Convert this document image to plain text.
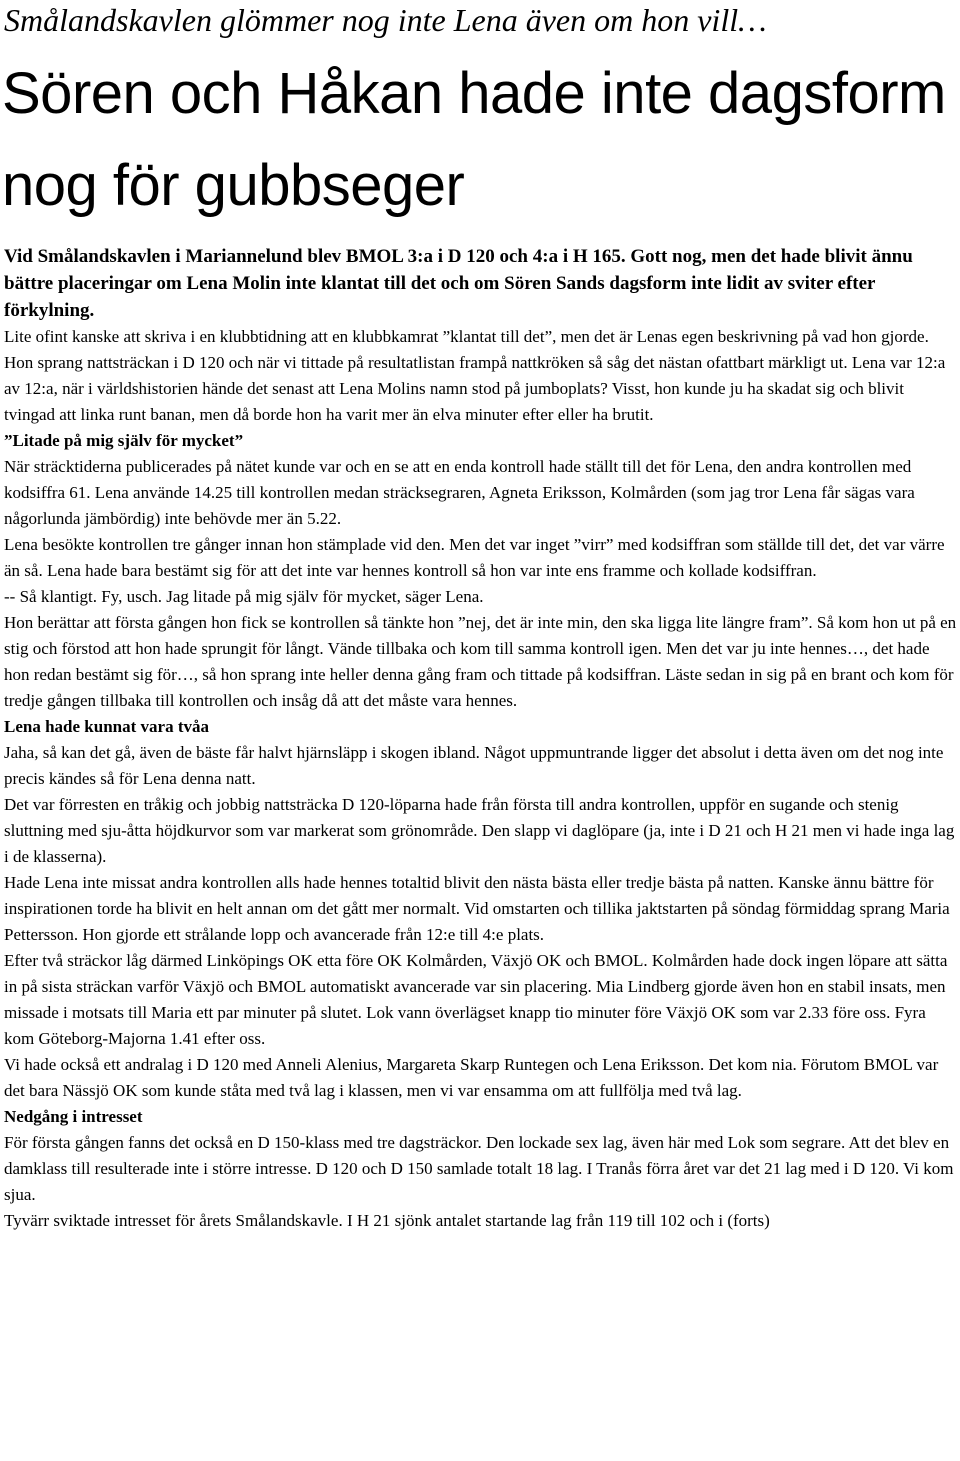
Smålandskavlen glömmer nog inte Lena även om hon vill…

Sören och Håkan hade inte dagsform nog för gubbseger

Vid Smålandskavlen i Mariannelund blev BMOL 3:a i D 120 och 4:a i H 165. Gott nog, men det hade blivit ännu bättre placeringar om Lena Molin inte klantat till det och om Sören Sands dagsform inte lidit av sviter efter förkylning.

Lite ofint kanske att skriva i en klubbtidning att en klubbkamrat ”klantat till det”, men det är Lenas egen beskrivning på vad hon gjorde.

Hon sprang nattsträckan i D 120 och när vi tittade på resultatlistan frampå nattkröken så såg det nästan ofattbart märkligt ut. Lena var 12:a av 12:a, när i världshistorien hände det senast att Lena Molins namn stod på jumboplats? Visst, hon kunde ju ha skadat sig och blivit tvingad att linka runt banan, men då borde hon ha varit mer än elva minuter efter eller ha brutit.

”Litade på mig själv för mycket”

När sträcktiderna publicerades på nätet kunde var och en se att en enda kontroll hade ställt till det för Lena, den andra kontrollen med kodsiffra 61. Lena använde 14.25 till kontrollen medan sträcksegraren, Agneta Eriksson, Kolmården (som jag tror Lena får sägas vara någorlunda jämbördig) inte behövde mer än 5.22.

Lena besökte kontrollen tre gånger innan hon stämplade vid den. Men det var inget ”virr” med kodsiffran som ställde till det, det var värre än så. Lena hade bara bestämt sig för att det inte var hennes kontroll så hon var inte ens framme och kollade kodsiffran.

-- Så klantigt. Fy, usch. Jag litade på mig själv för mycket, säger Lena.

Hon berättar att första gången hon fick se kontrollen så tänkte hon ”nej, det är inte min, den ska ligga lite längre fram”. Så kom hon ut på en stig och förstod att hon hade sprungit för långt. Vände tillbaka och kom till samma kontroll igen. Men det var ju inte hennes…, det hade hon redan bestämt sig för…, så hon sprang inte heller denna gång fram och tittade på kodsiffran. Läste sedan in sig på en brant och kom för tredje gången tillbaka till kontrollen och insåg då att det måste vara hennes.

Lena hade kunnat vara tvåa

Jaha, så kan det gå, även de bäste får halvt hjärnsläpp i skogen ibland. Något uppmuntrande ligger det absolut i detta även om det nog inte precis kändes så för Lena denna natt.

Det var förresten en tråkig och jobbig nattsträcka D 120-löparna hade från första till andra kontrollen, uppför en sugande och stenig sluttning med sju-åtta höjdkurvor som var markerat som grönområde. Den slapp vi daglöpare (ja, inte i D 21 och H 21 men vi hade inga lag i de klasserna).

Hade Lena inte missat andra kontrollen alls hade hennes totaltid blivit den nästa bästa eller tredje bästa på natten. Kanske ännu bättre för inspirationen torde ha blivit en helt annan om det gått mer normalt. Vid omstarten och tillika jaktstarten på söndag förmiddag sprang Maria Pettersson. Hon gjorde ett strålande lopp och avancerade från 12:e till 4:e plats.

Efter två sträckor låg därmed Linköpings OK etta före OK Kolmården, Växjö OK och BMOL. Kolmården hade dock ingen löpare att sätta in på sista sträckan varför Växjö och BMOL automatiskt avancerade var sin placering. Mia Lindberg gjorde även hon en stabil insats, men missade i motsats till Maria ett par minuter på slutet. Lok vann överlägset knapp tio minuter före Växjö OK som var 2.33 före oss. Fyra kom Göteborg-Majorna 1.41 efter oss.

Vi hade också ett andralag i D 120 med Anneli Alenius, Margareta Skarp Runtegen och Lena Eriksson. Det kom nia. Förutom BMOL var det bara Nässjö OK som kunde ståta med två lag i klassen, men vi var ensamma om att fullfölja med två lag.

Nedgång i intresset

För första gången fanns det också en D 150-klass med tre dagsträckor. Den lockade sex lag, även här med Lok som segrare. Att det blev en damklass till resulterade inte i större intresse. D 120 och D 150 samlade totalt 18 lag. I Tranås förra året var det 21 lag med i D 120. Vi kom sjua.

Tyvärr sviktade intresset för årets Smålandskavle. I H 21 sjönk antalet startande lag från 119 till 102 och i (forts)
